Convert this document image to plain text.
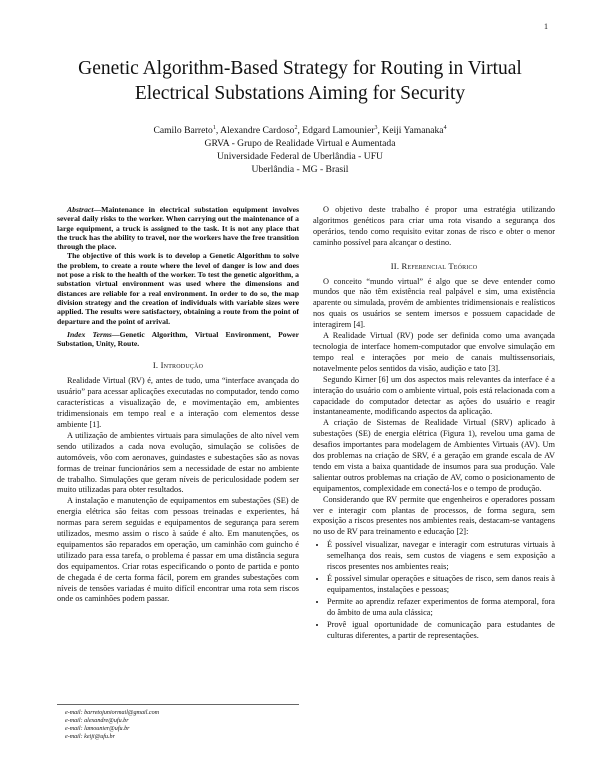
1
Genetic Algorithm-Based Strategy for Routing in Virtual Electrical Substations Aiming for Security
Camilo Barreto$^1$, Alexandre Cardoso$^2$, Edgard Lamounier$^3$, Keiji Yamanaka$^4$
GRVA - Grupo de Realidade Virtual e Aumentada
Universidade Federal de Uberlândia - UFU
Uberlândia - MG - Brasil

Abstract—Maintenance in electrical substation equipment involves several daily risks to the worker. When carrying out the maintenance of a large equipment, a truck is assigned to the task. It is not any place that the truck has the ability to travel, nor the workers have the free transition through the place.

The objective of this work is to develop a Genetic Algorithm to solve the problem, to create a route where the level of danger is low and does not pose a risk to the health of the worker. To test the genetic algorithm, a substation virtual environment was used where the dimensions and distances are reliable for a real environment. In order to do so, the map division strategy and the creation of individuals with variable sizes were applied. The results were satisfactory, obtaining a route from the point of departure and the point of arrival.

Index Terms—Genetic Algorithm, Virtual Environment, Power Substation, Unity, Route.

I. Introdução

Realidade Virtual (RV) é, antes de tudo, uma “interface avançada do usuário” para acessar aplicações executadas no computador, tendo como características a visualização de, e movimentação em, ambientes tridimensionais em tempo real e a interação com elementos desse ambiente [1].

A utilização de ambientes virtuais para simulações de alto nível vem sendo utilizados a cada nova evolução, simulação se colisões de automóveis, vôo com aeronaves, guindastes e subestações são as novas formas de treinar funcionários sem a necessidade de estar no ambiente de trabalho. Simulações que geram níveis de periculosidade podem ser muito utilizadas para obter resultados.

A instalação e manutenção de equipamentos em subestações (SE) de energia elétrica são feitas com pessoas treinadas e experientes, há normas para serem seguidas e equipamentos de segurança para serem utilizados, mesmo assim o risco à saúde é alto. Em manutenções, os equipamentos são reparados em operação, um caminhão com guincho é utilizado para essa tarefa, o problema é passar em uma distância segura dos equipamentos. Criar rotas especificando o ponto de partida e ponto de chegada é de certa forma fácil, porem em grandes subestações com níveis de tensões variadas é muito difícil encontrar uma rota sem riscos onde os caminhões podem passar.

e-mail: barretojuniormail@gmail.com
e-mail: alexandre@ufu.br
e-mail: lamounier@ufu.br
e-mail: keiji@ufu.br

O objetivo deste trabalho é propor uma estratégia utilizando algoritmos genéticos para criar uma rota visando a segurança dos operários, tendo como requisito evitar zonas de risco e obter o menor caminho possível para alcançar o destino.

II. Referencial Teórico

O conceito “mundo virtual” é algo que se deve entender como mundos que não têm existência real palpável e sim, uma existência aparente ou simulada, provém de ambientes tridimensionais e realísticos nos quais os usuários se sentem imersos e possuem capacidade de interagirem [4].

A Realidade Virtual (RV) pode ser definida como uma avançada tecnologia de interface homem-computador que envolve simulação em tempo real e interações por meio de canais multissensoriais, notavelmente pelos sentidos da visão, audição e tato [3].

Segundo Kirner [6] um dos aspectos mais relevantes da interface é a interação do usuário com o ambiente virtual, pois está relacionada com a capacidade do computador detectar as ações do usuário e reagir instantaneamente, modificando aspectos da aplicação.

A criação de Sistemas de Realidade Virtual (SRV) aplicado à subestações (SE) de energia elétrica (Figura 1), revelou uma gama de desafios importantes para modelagem de Ambientes Virtuais (AV). Um dos problemas na criação de SRV, é a geração em grande escala de AV tendo em vista a baixa quantidade de insumos para sua produção. Vale salientar outros problemas na criação de AV, como o posicionamento de equipamentos, complexidade em conectá-los e o tempo de produção.

Considerando que RV permite que engenheiros e operadores possam ver e interagir com plantas de processos, de forma segura, sem exposição a riscos presentes nos ambientes reais, destacam-se vantagens no uso de RV para treinamento e educação [2]:

• É possível visualizar, navegar e interagir com estruturas virtuais à semelhança dos reais, sem custos de viagens e sem exposição a riscos presentes nos ambientes reais;
• É possível simular operações e situações de risco, sem danos reais à equipamentos, instalações e pessoas;
• Permite ao aprendiz refazer experimentos de forma atemporal, fora do âmbito de uma aula clássica;
• Provê igual oportunidade de comunicação para estudantes de culturas diferentes, a partir de representações.
